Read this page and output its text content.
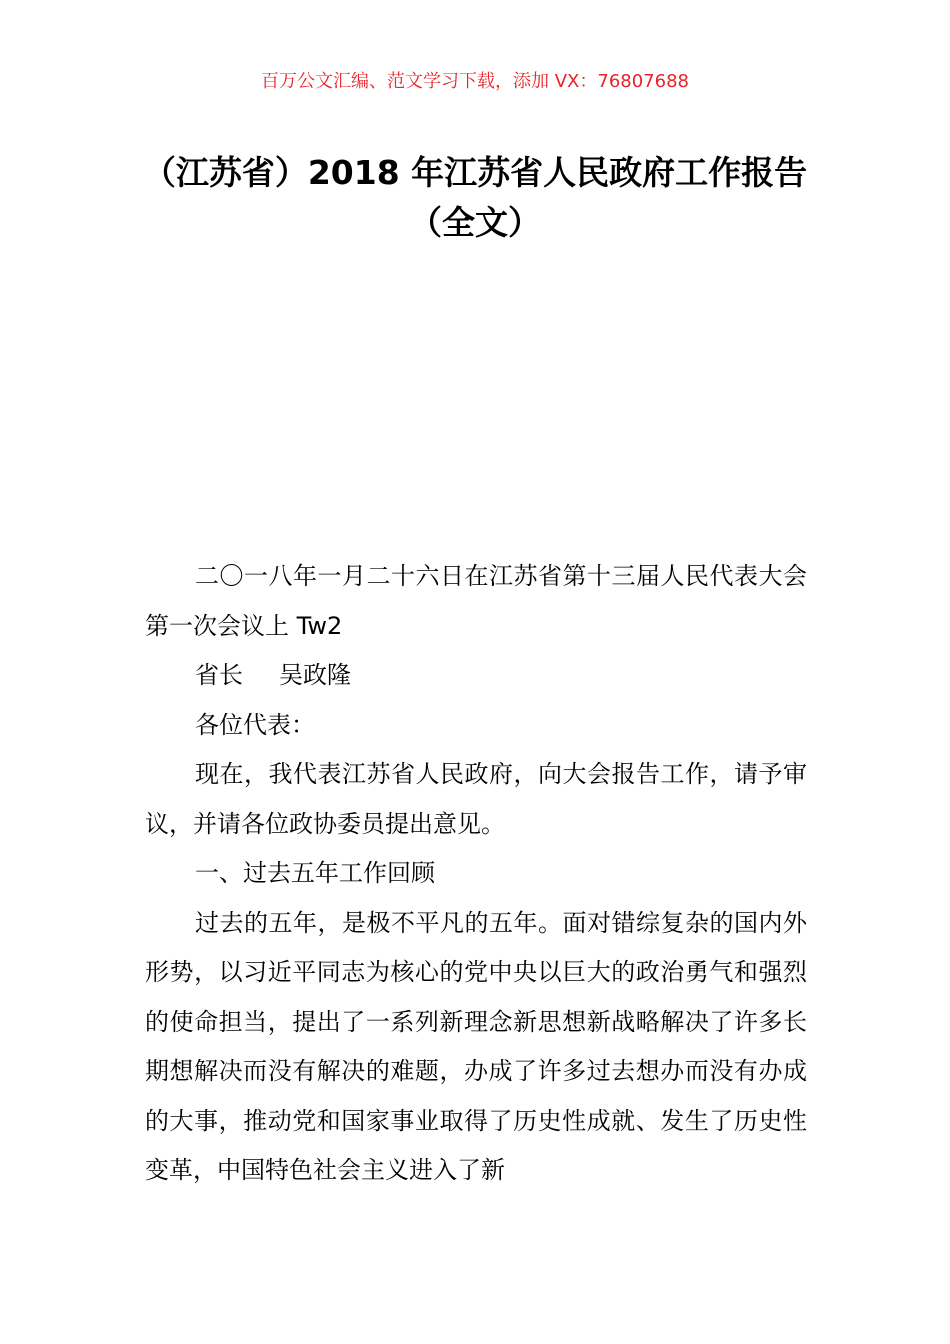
百万公文汇编、范文学习下载，添加 VX：76807688
（江苏省）2018 年江苏省人民政府工作报告（全文）

二〇一八年一月二十六日在江苏省第十三届人民代表大会第一次会议上 Tw2

省长 吴政隆

各位代表：

现在，我代表江苏省人民政府，向大会报告工作，请予审议，并请各位政协委员提出意见。

一、过去五年工作回顾

过去的五年，是极不平凡的五年。面对错综复杂的国内外形势，以习近平同志为核心的党中央以巨大的政治勇气和强烈的使命担当，提出了一系列新理念新思想新战略解决了许多长期想解决而没有解决的难题，办成了许多过去想办而没有办成的大事，推动党和国家事业取得了历史性成就、发生了历史性变革，中国特色社会主义进入了新
